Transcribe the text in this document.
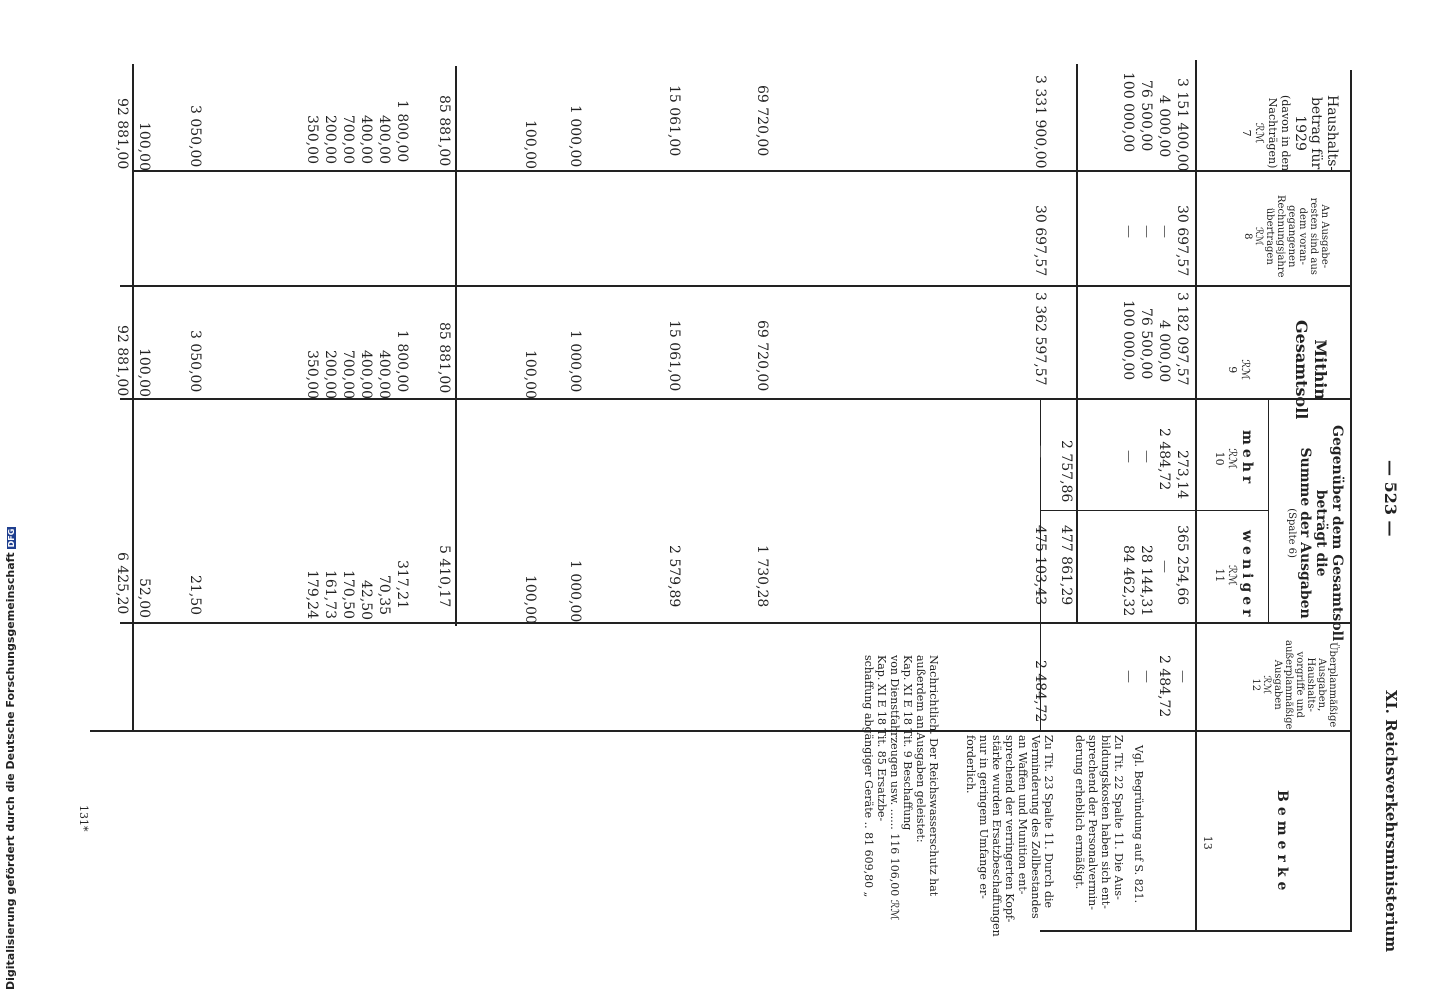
— 523 —
XI. Reichsverkehrsministerium
Haushalts-
betrag für
1929
(davon in den
Nachträgen)
ℛℳ
7
An Ausgabe-
resten sind aus
dem voran-
gegangenen
Rechnungsjahre
übertragen
ℛℳ
8
Mithin
Gesamtsoll
ℛℳ
9
Gegenüber dem Gesamtsoll
beträgt die
Summe der Ausgaben
(Spalte 6)
mehr
ℛℳ
10
weniger
ℛℳ
11
Überplanmäßige
Ausgaben,
Haushalts-
vorgriffe und
außerplanmäßige
Ausgaben
ℛℳ
12
Bemerke
13
3 151 400,00
4 000,00
76 500,00
100 000,00
30 697,57
—
—
—
3 182 097,57
4 000,00
76 500,00
100 000,00
273,14
2 484,72
—
—
365 254,66
—
28 144,31
84 462,32
—
2 484,72
—
—
2 757,86
477 861,29
3 331 900,00
30 697,57
3 362 597,57
—
475 103,43
2 484,72
69 720,00
69 720,00
1 730,28
15 061,00
15 061,00
2 579,89
1 000,00
1 000,00
1 000,00
100,00
100,00
100,00
85 881,00
85 881,00
5 410,17
1 800,00
1 800,00
317,21
400,00
400,00
70,35
400,00
400,00
42,50
700,00
700,00
170,50
200,00
200,00
161,73
350,00
350,00
179,24
3 050,00
3 050,00
21,50
100,00
100,00
52,00
92 881,00
92 881,00
6 425,20
Vgl. Begründung auf S. 821.
Zu Tit. 22 Spalte 11. Die Aus-
bildungskosten haben sich ent-
sprechend der Personalvermin-
derung erheblich ermäßigt.
Zu Tit. 23 Spalte 11. Durch die
Verminderung des Zollbestandes
an Waffen und Munition ent-
sprechend der verringerten Kopf-
stärke wurden Ersatzbeschaffungen
nur in geringem Umfange er-
forderlich.
Nachrichtlich. Der Reichswasserschutz hat
außerdem an Ausgaben geleistet:
Kap. XI E 18 Tit. 9 Beschaffung
von Dienstfahrzeugen usw. ...... 116 106,00 ℛℳ
Kap. XI E 18 Tit. 85 Ersatzbe-
schaffung abgängiger Geräte .. 81 609,80 „
131*
Digitalisierung gefördert durch die Deutsche ForschungsgemeinschaftDFG
